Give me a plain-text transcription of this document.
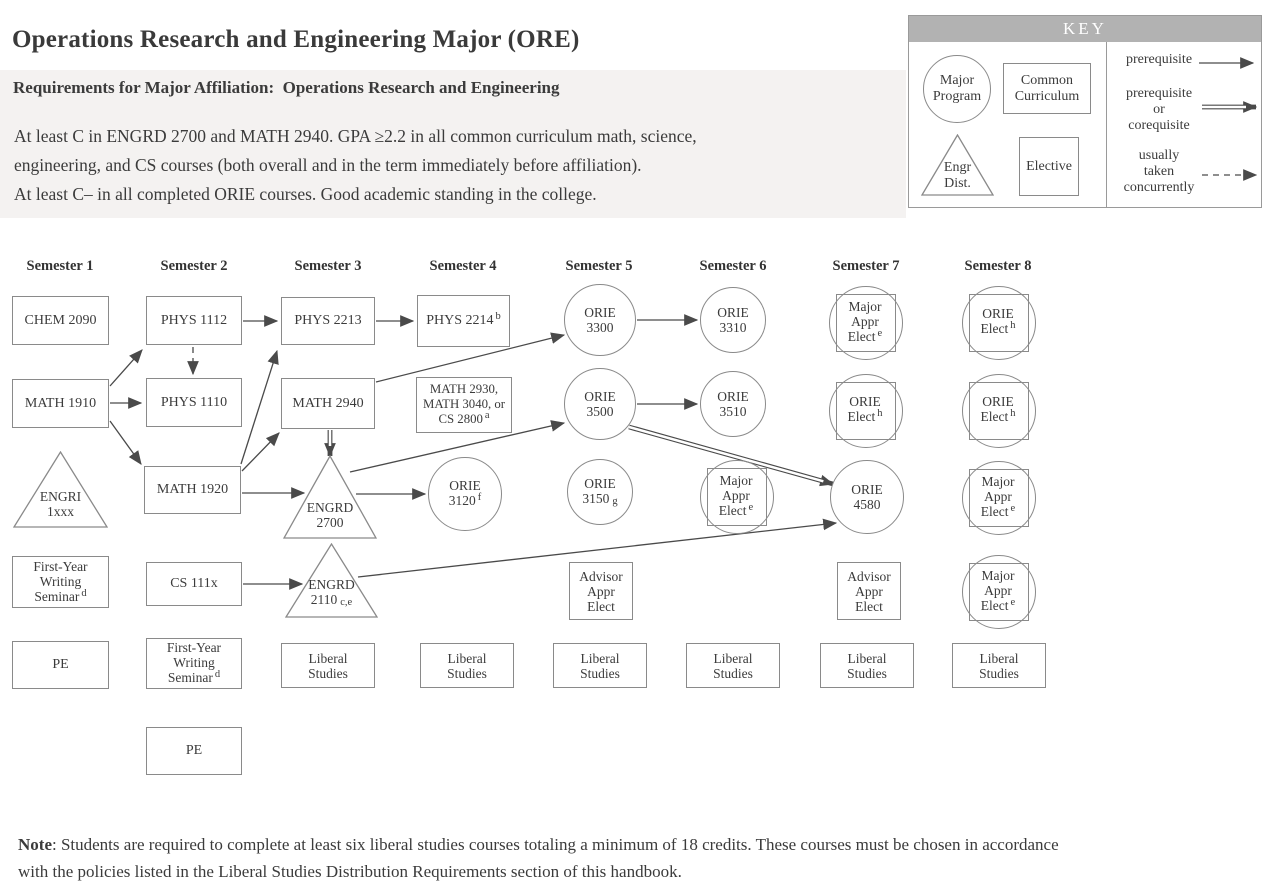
Operations Research and Engineering Major (ORE)
Requirements for Major Affiliation:  Operations Research and Engineering
At least C in ENGRD 2700 and MATH 2940. GPA ≥2.2 in all common curriculum math, science,
engineering, and CS courses (both overall and in the term immediately before affiliation).
At least C– in all completed ORIE courses. Good academic standing in the college.
KEY
Major
Program
Common
Curriculum
Engr
Dist.
Elective
prerequisite
prerequisite
or
corequisite
usually
taken
concurrently
Semester 1	Semester 2	Semester 3	Semester 4	Semester 5	Semester 6	Semester 7	Semester 8
CHEM 2090
MATH 1910
ENGRI
1xxx
First-Year
Writing
Seminar $^d$
PE
PHYS 1112
PHYS 1110
MATH 1920
CS 111x
First-Year
Writing
Seminar $^d$
PE
PHYS 2213
MATH 2940
ENGRD
2700
ENGRD
2110 c,e
Liberal
Studies
PHYS 2214 $^b$
MATH 2930,
MATH 3040, or
CS 2800 $^a$
ORIE
3120 $^f$
Liberal
Studies
ORIE
3300
ORIE
3500
ORIE
3150 g
Advisor
Appr
Elect
Liberal
Studies
ORIE
3310
ORIE
3510
Major
Appr
Elect $^e$
Liberal
Studies
Major
Appr
Elect $^e$
ORIE
Elect $^h$
ORIE
4580
Advisor
Appr
Elect
Liberal
Studies
ORIE
Elect $^h$
ORIE
Elect $^h$
Major
Appr
Elect $^e$
Major
Appr
Elect $^e$
Liberal
Studies
Note: Students are required to complete at least six liberal studies courses totaling a minimum of 18 credits. These courses must be chosen in accordance
with the policies listed in the Liberal Studies Distribution Requirements section of this handbook.
